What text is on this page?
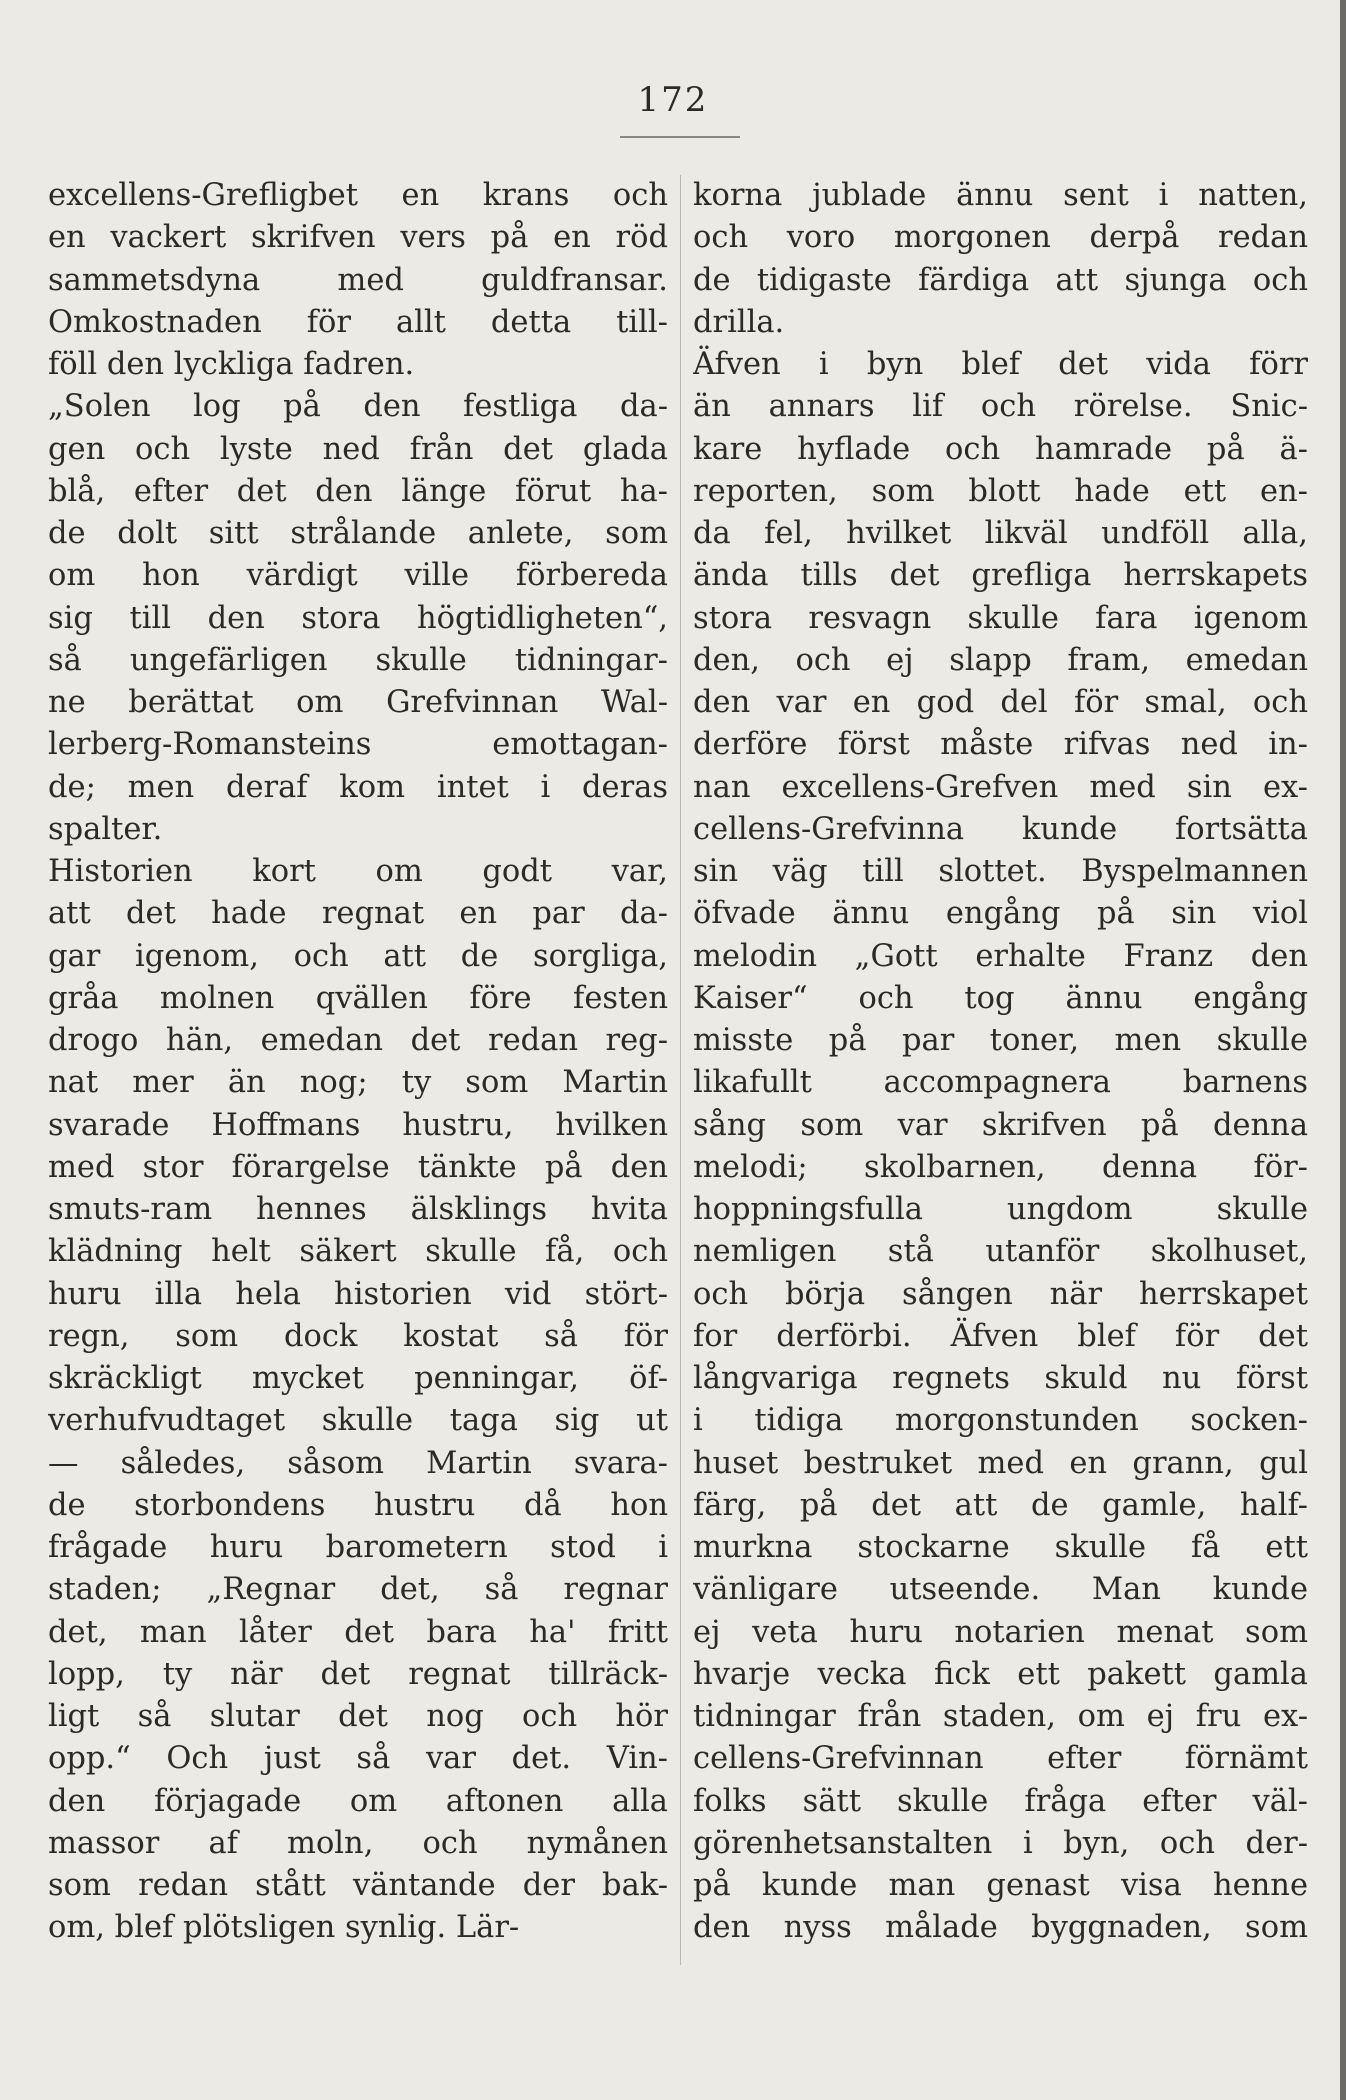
172
excellens-Grefligbet en krans och
en vackert skrifven vers på en röd
sammetsdyna med guldfransar.
Omkostnaden för allt detta till-
föll den lyckliga fadren.
„Solen log på den festliga da-
gen och lyste ned från det glada
blå, efter det den länge förut ha-
de dolt sitt strålande anlete, som
om hon värdigt ville förbereda
sig till den stora högtidligheten“,
så ungefärligen skulle tidningar-
ne berättat om Grefvinnan Wal-
lerberg-Romansteins emottagan-
de; men deraf kom intet i deras
spalter.
Historien kort om godt var,
att det hade regnat en par da-
gar igenom, och att de sorgliga,
gråa molnen qvällen före festen
drogo hän, emedan det redan reg-
nat mer än nog; ty som Martin
svarade Hoffmans hustru, hvilken
med stor förargelse tänkte på den
smuts-ram hennes älsklings hvita
klädning helt säkert skulle få, och
huru illa hela historien vid stört-
regn, som dock kostat så för
skräckligt mycket penningar, öf-
verhufvudtaget skulle taga sig ut
— således, såsom Martin svara-
de storbondens hustru då hon
frågade huru barometern stod i
staden; „Regnar det, så regnar
det, man låter det bara ha' fritt
lopp, ty när det regnat tillräck-
ligt så slutar det nog och hör
opp.“ Och just så var det. Vin-
den förjagade om aftonen alla
massor af moln, och nymånen
som redan stått väntande der bak-
om, blef plötsligen synlig. Lär-
korna jublade ännu sent i natten,
och voro morgonen derpå redan
de tidigaste färdiga att sjunga och
drilla.
Äfven i byn blef det vida förr
än annars lif och rörelse. Snic-
kare hyflade och hamrade på ä-
reporten, som blott hade ett en-
da fel, hvilket likväl undföll alla,
ända tills det grefliga herrskapets
stora resvagn skulle fara igenom
den, och ej slapp fram, emedan
den var en god del för smal, och
derföre först måste rifvas ned in-
nan excellens-Grefven med sin ex-
cellens-Grefvinna kunde fortsätta
sin väg till slottet. Byspelmannen
öfvade ännu engång på sin viol
melodin „Gott erhalte Franz den
Kaiser“ och tog ännu engång
misste på par toner, men skulle
likafullt accompagnera barnens
sång som var skrifven på denna
melodi; skolbarnen, denna för-
hoppningsfulla ungdom skulle
nemligen stå utanför skolhuset,
och börja sången när herrskapet
for derförbi. Äfven blef för det
långvariga regnets skuld nu först
i tidiga morgonstunden socken-
huset bestruket med en grann, gul
färg, på det att de gamle, half-
murkna stockarne skulle få ett
vänligare utseende. Man kunde
ej veta huru notarien menat som
hvarje vecka fick ett pakett gamla
tidningar från staden, om ej fru ex-
cellens-Grefvinnan efter förnämt
folks sätt skulle fråga efter väl-
görenhetsanstalten i byn, och der-
på kunde man genast visa henne
den nyss målade byggnaden, som
